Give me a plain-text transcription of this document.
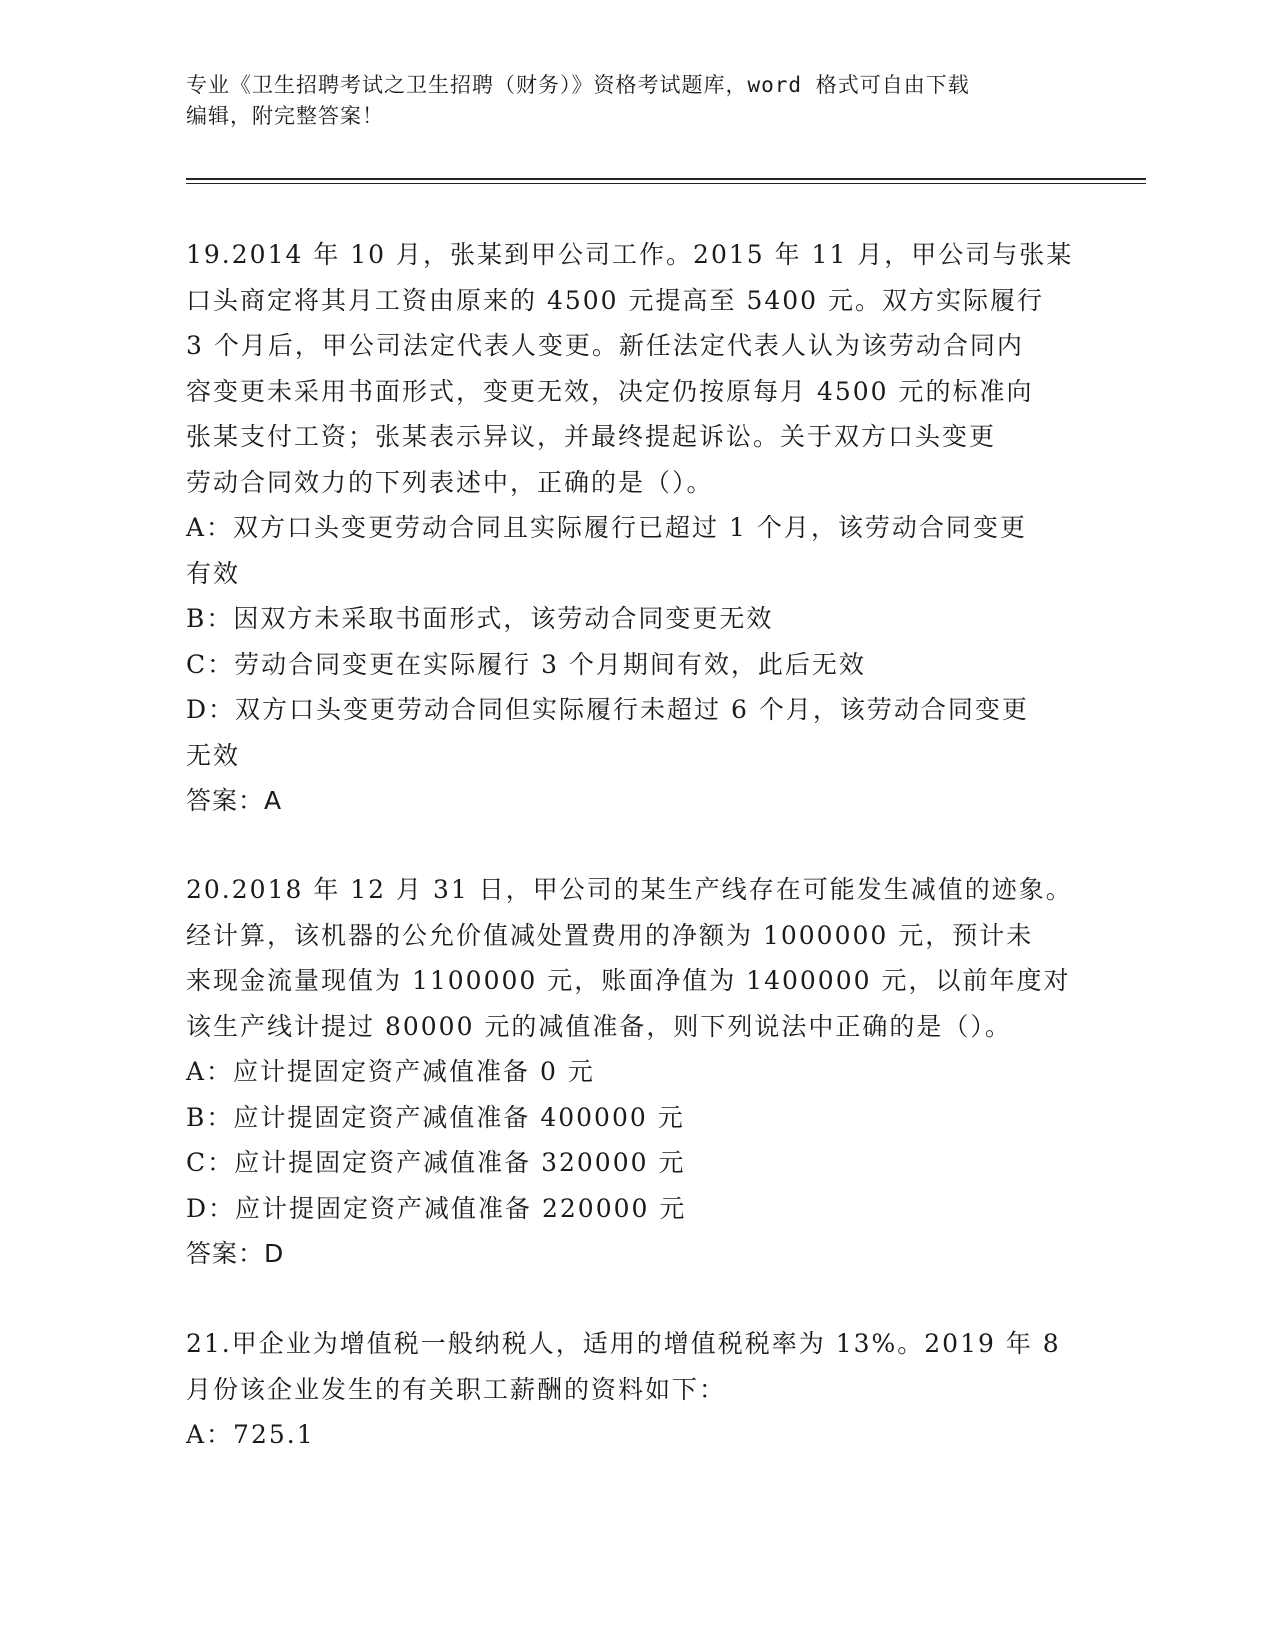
专业《卫生招聘考试之卫生招聘（财务）》资格考试题库，word 格式可自由下载
编辑，附完整答案！

19.2014 年 10 月，张某到甲公司工作。2015 年 11 月，甲公司与张某

口头商定将其月工资由原来的 4500 元提高至 5400 元。双方实际履行

3 个月后，甲公司法定代表人变更。新任法定代表人认为该劳动合同内

容变更未采用书面形式，变更无效，决定仍按原每月 4500 元的标准向

张某支付工资；张某表示异议，并最终提起诉讼。关于双方口头变更

劳动合同效力的下列表述中，正确的是（）。

A：双方口头变更劳动合同且实际履行已超过 1 个月，该劳动合同变更

有效

B：因双方未采取书面形式，该劳动合同变更无效

C：劳动合同变更在实际履行 3 个月期间有效，此后无效

D：双方口头变更劳动合同但实际履行未超过 6 个月，该劳动合同变更

无效

答案：A

20.2018 年 12 月 31 日，甲公司的某生产线存在可能发生减值的迹象。

经计算，该机器的公允价值减处置费用的净额为 1000000 元，预计未

来现金流量现值为 1100000 元，账面净值为 1400000 元，以前年度对

该生产线计提过 80000 元的减值准备，则下列说法中正确的是（）。

A：应计提固定资产减值准备 0 元

B：应计提固定资产减值准备 400000 元

C：应计提固定资产减值准备 320000 元

D：应计提固定资产减值准备 220000 元

答案：D

21.甲企业为增值税一般纳税人，适用的增值税税率为 13%。2019 年 8

月份该企业发生的有关职工薪酬的资料如下：

A：725.1
